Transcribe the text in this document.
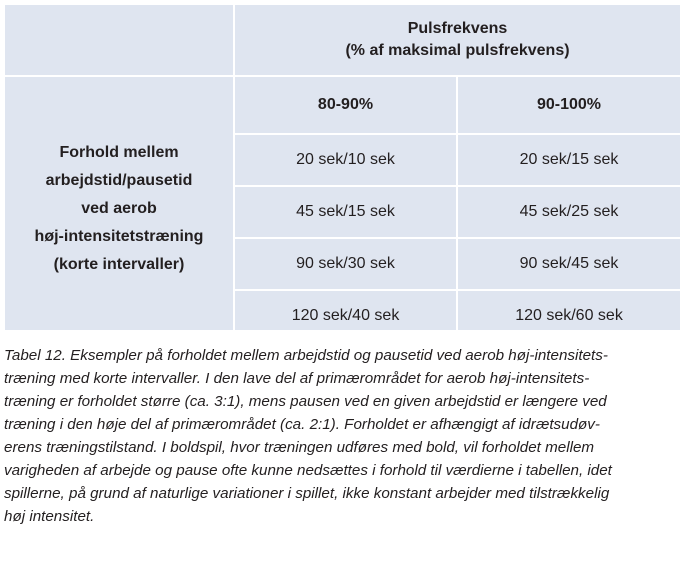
	Pulsfrekvens
(% af maksimal pulsfrekvens)	

Forhold mellem
arbejdstid/pausetid
ved aerob
høj-intensitetstræning
(korte intervaller)	80-90%	90-100%
	20 sek/10 sek	20 sek/15 sek
	45 sek/15 sek	45 sek/25 sek
	90 sek/30 sek	90 sek/45 sek
	120 sek/40 sek	120 sek/60 sek

Tabel 12. Eksempler på forholdet mellem arbejdstid og pausetid ved aerob høj-intensitets-
træning med korte intervaller. I den lave del af primærområdet for aerob høj-intensitets-
træning er forholdet større (ca. 3:1), mens pausen ved en given arbejdstid er længere ved
træning i den høje del af primærområdet (ca. 2:1). Forholdet er afhængigt af idrætsudøv-
erens træningstilstand. I boldspil, hvor træningen udføres med bold, vil forholdet mellem
varigheden af arbejde og pause ofte kunne nedsættes i forhold til værdierne i tabellen, idet
spillerne, på grund af naturlige variationer i spillet, ikke konstant arbejder med tilstrækkelig
høj intensitet.
